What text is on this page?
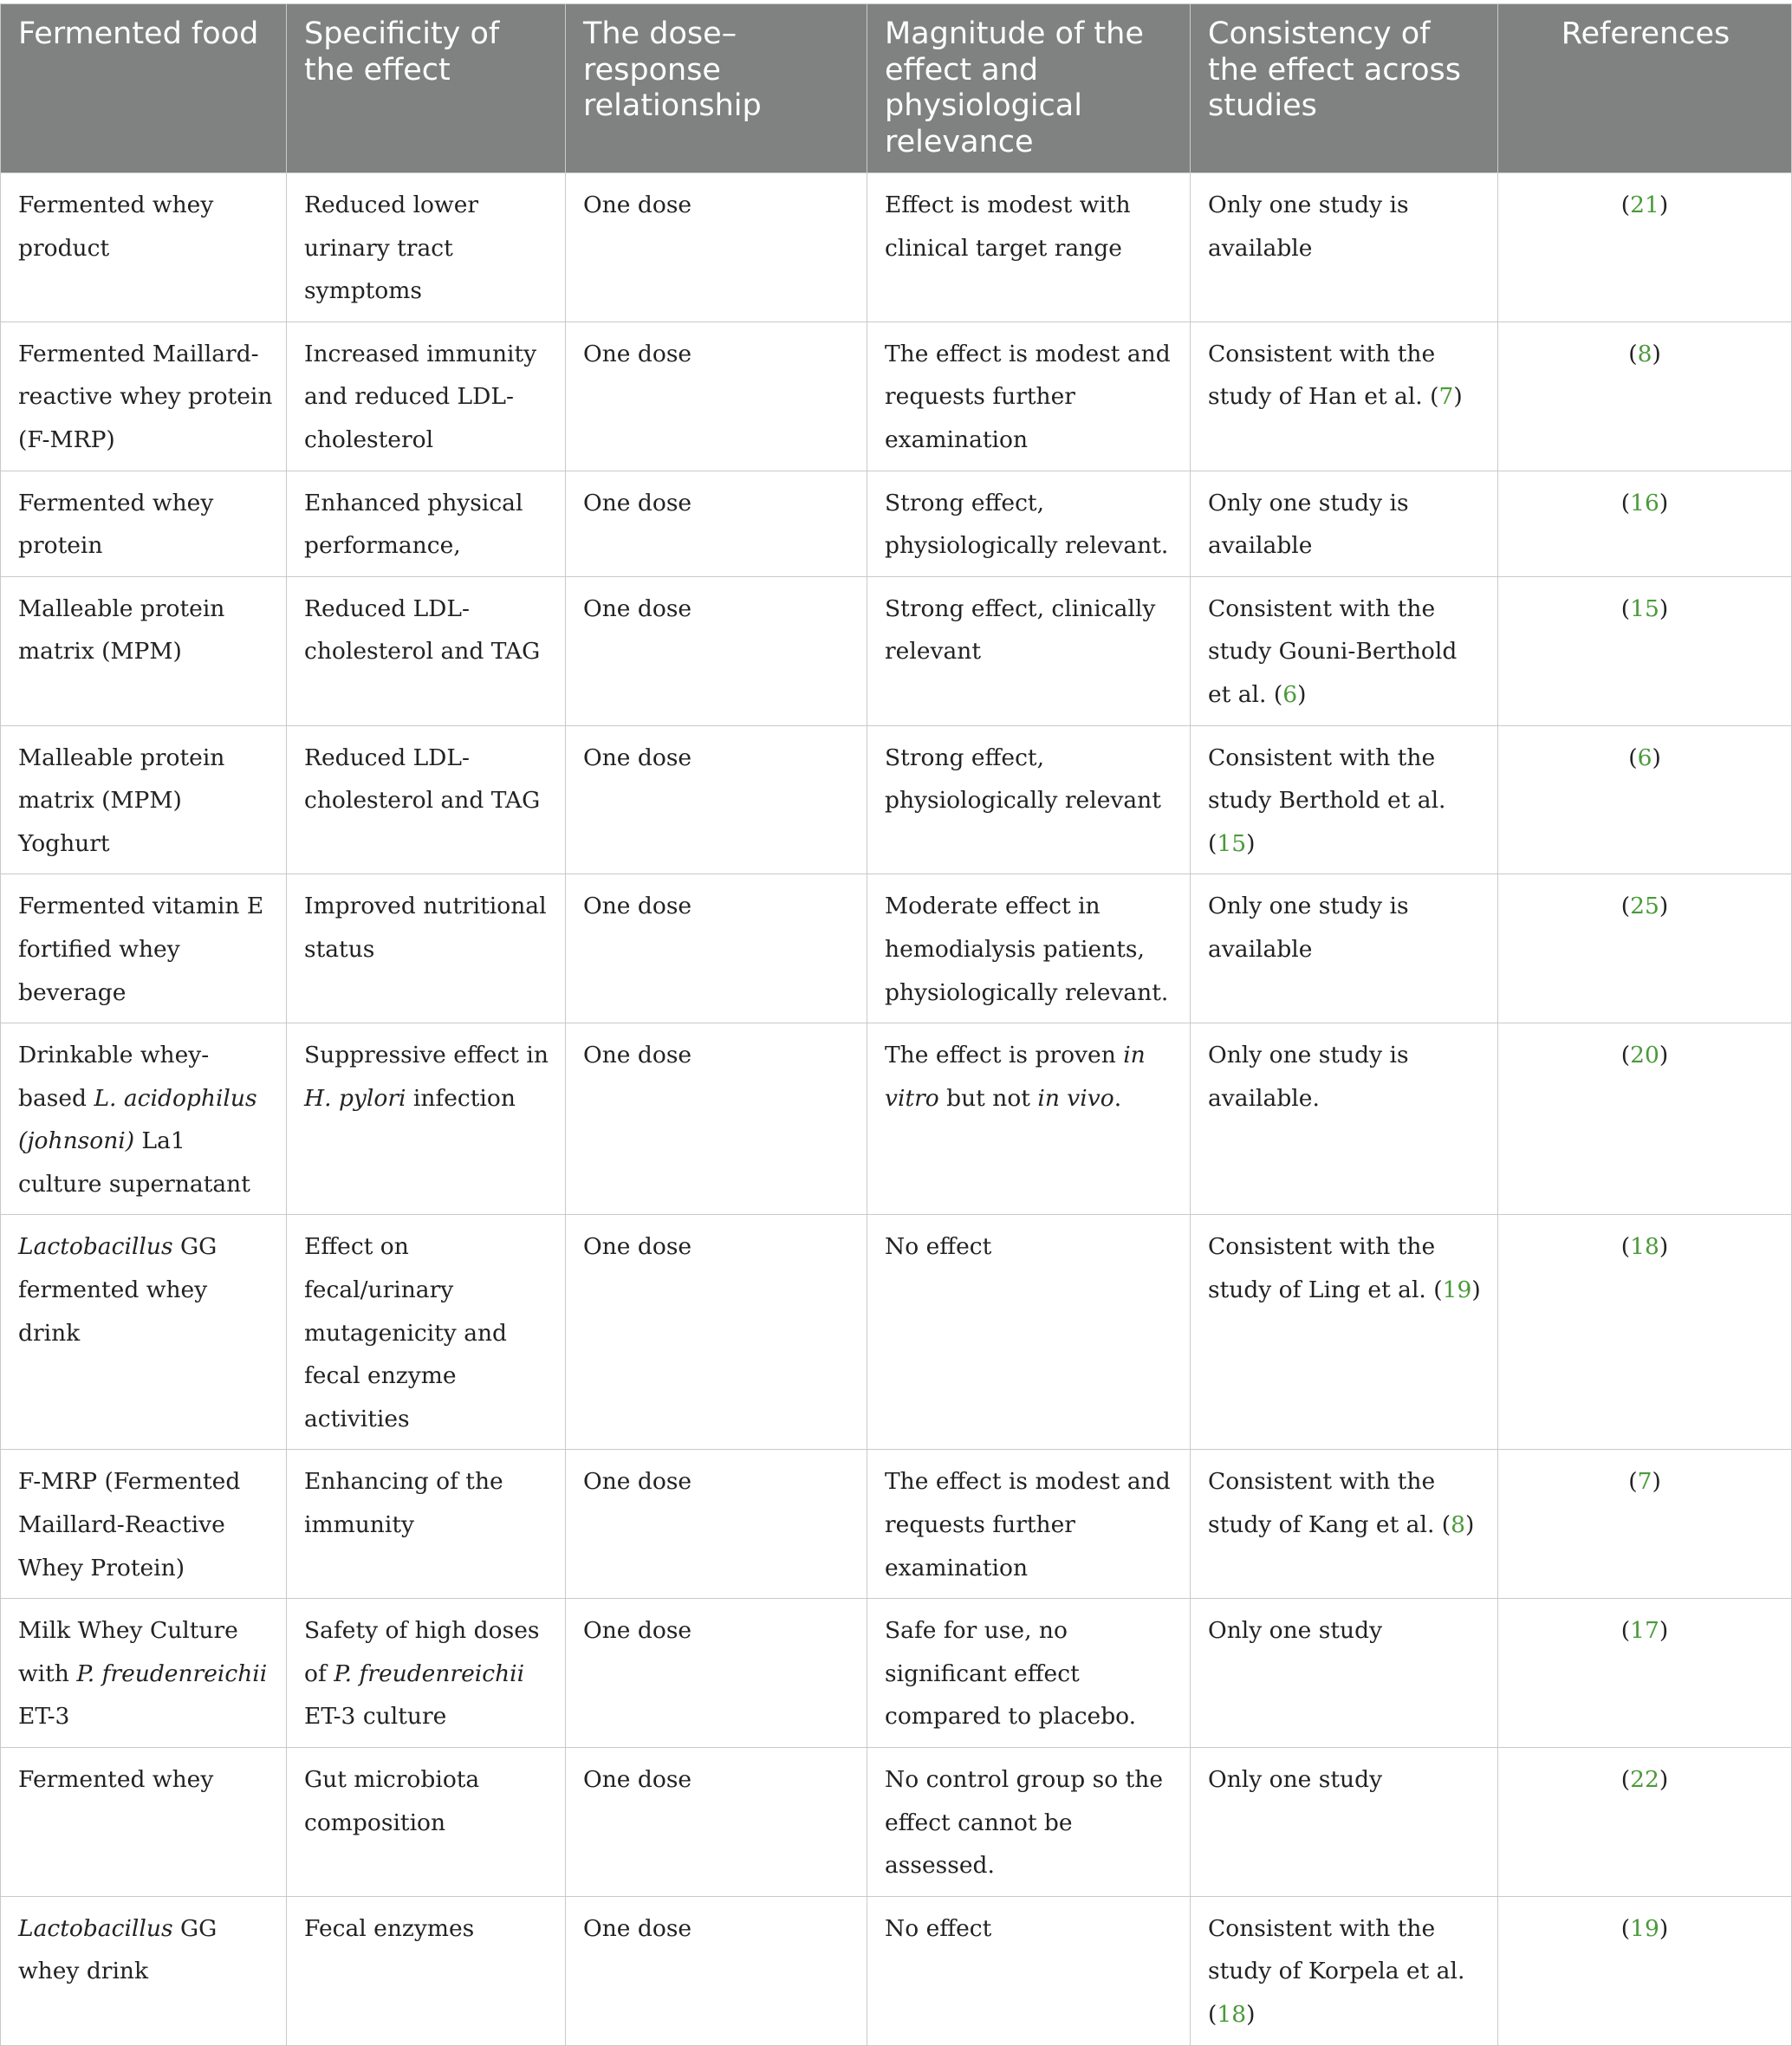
Fermented food	Specificity of the effect	The dose–response relationship	Magnitude of the effect and physiological relevance	Consistency of the effect across studies	References
Fermented whey product	Reduced lower urinary tract symptoms	One dose	Effect is modest with clinical target range	Only one study is available	(21)
Fermented Maillard-reactive whey protein (F-MRP)	Increased immunity and reduced LDL-cholesterol	One dose	The effect is modest and requests further examination	Consistent with the study of Han et al. (7)	(8)
Fermented whey protein	Enhanced physical performance,	One dose	Strong effect, physiologically relevant.	Only one study is available	(16)
Malleable protein matrix (MPM)	Reduced LDL-cholesterol and TAG	One dose	Strong effect, clinically relevant	Consistent with the study Gouni-Berthold et al. (6)	(15)
Malleable protein matrix (MPM) Yoghurt	Reduced LDL-cholesterol and TAG	One dose	Strong effect, physiologically relevant	Consistent with the study Berthold et al. (15)	(6)
Fermented vitamin E fortified whey beverage	Improved nutritional status	One dose	Moderate effect in hemodialysis patients, physiologically relevant.	Only one study is available	(25)
Drinkable whey-based L. acidophilus (johnsoni) La1 culture supernatant	Suppressive effect in H. pylori infection	One dose	The effect is proven in vitro but not in vivo.	Only one study is available.	(20)
Lactobacillus GG fermented whey drink	Effect on fecal/urinary mutagenicity and fecal enzyme activities	One dose	No effect	Consistent with the study of Ling et al. (19)	(18)
F-MRP (Fermented Maillard-Reactive Whey Protein)	Enhancing of the immunity	One dose	The effect is modest and requests further examination	Consistent with the study of Kang et al. (8)	(7)
Milk Whey Culture with P. freudenreichii ET-3	Safety of high doses of P. freudenreichii ET-3 culture	One dose	Safe for use, no significant effect compared to placebo.	Only one study	(17)
Fermented whey	Gut microbiota composition	One dose	No control group so the effect cannot be assessed.	Only one study	(22)
Lactobacillus GG whey drink	Fecal enzymes	One dose	No effect	Consistent with the study of Korpela et al. (18)	(19)
